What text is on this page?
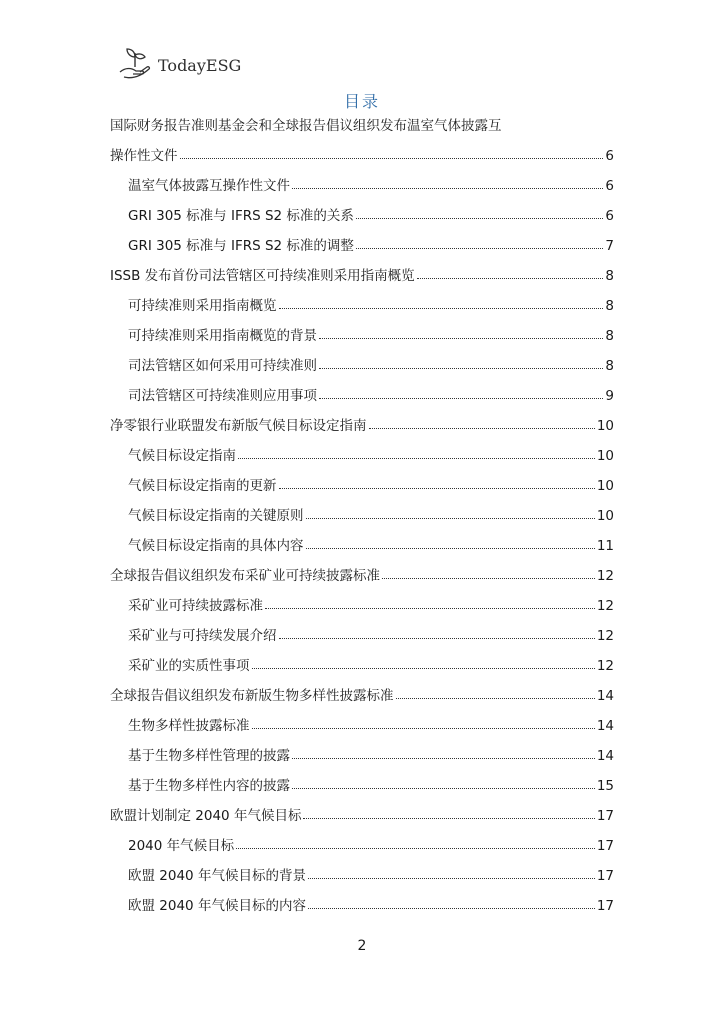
TodayESG
目录
国际财务报告准则基金会和全球报告倡议组织发布温室气体披露互
操作性文件	6
温室气体披露互操作性文件	6
GRI 305 标准与 IFRS S2 标准的关系	6
GRI 305 标准与 IFRS S2 标准的调整	7
ISSB 发布首份司法管辖区可持续准则采用指南概览	8
可持续准则采用指南概览	8
可持续准则采用指南概览的背景	8
司法管辖区如何采用可持续准则	8
司法管辖区可持续准则应用事项	9
净零银行业联盟发布新版气候目标设定指南	10
气候目标设定指南	10
气候目标设定指南的更新	10
气候目标设定指南的关键原则	10
气候目标设定指南的具体内容	11
全球报告倡议组织发布采矿业可持续披露标准	12
采矿业可持续披露标准	12
采矿业与可持续发展介绍	12
采矿业的实质性事项	12
全球报告倡议组织发布新版生物多样性披露标准	14
生物多样性披露标准	14
基于生物多样性管理的披露	14
基于生物多样性内容的披露	15
欧盟计划制定 2040 年气候目标	17
2040 年气候目标	17
欧盟 2040 年气候目标的背景	17
欧盟 2040 年气候目标的内容	17
2
